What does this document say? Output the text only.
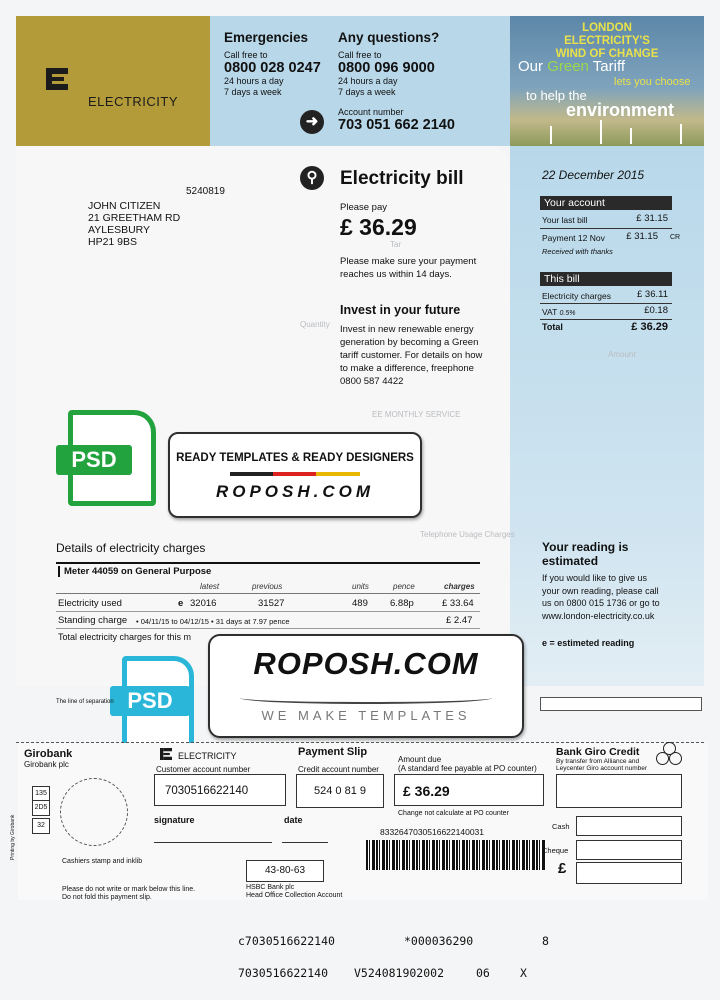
ELECTRICITY
Emergencies
Call free to
0800 028 0247
24 hours a day
7 days a week
Any questions?
Call free to
0800 096 9000
24 hours a day
7 days a week
➜
Account number
703 051 662 2140
LONDON
ELECTRICITY'S
WIND OF CHANGE
Our Green Tariff
lets you choose
to help the
environment
Tar
Quantity
Amount
EE MONTHLY SERVICE
Telephone Usage Charges
5240819
JOHN CITIZEN
21 GREETHAM RD
AYLESBURY
HP21 9BS
⚲	Electricity bill
Please pay
£ 36.29
Please make sure your payment
reaches us within 14 days.
Invest in your future
Invest in new renewable energy
generation by becoming a Green
tariff customer. For details on how
to make a difference, freephone
0800 587 4422
22 December 2015
Your account
Your last bill	£ 31.15
Payment 12 Nov	£ 31.15 CR
Received with thanks
This bill
Electricity charges	£ 36.11
VAT 0.5%	£0.18
Total	£ 36.29
Your reading is
estimated
If you would like to give us
your own reading, please call
us on 0800 015 1736 or go to
www.london-electricity.co.uk
e = estimeted reading
Details of electricity charges
Meter 44059 on General Purpose
latest	previous	units	pence	charges
Electricity used	e 32016	31527	489 6.88p	£ 33.64
Standing charge • 04/11/15 to 04/12/15 • 31 days at 7.97 pence	£ 2.47
Total electricity charges for this m
PSD	READY TEMPLATES & READY DESIGNERS
ROPOSH.COM
PSD
ROPOSH.COM
WE MAKE TEMPLATES
The line of separation
Girobank
Girobank plc
135
2D5
32
Cashiers stamp and inklib
Please do not write or mark below this line.
Do not fold this payment slip.
Printing by Girobank
ELECTRICITY
Customer account number
7030516622140
Payment Slip
Credit account number
524 0 81 9
Amount due
(A standard fee payable at PO counter)
£ 36.29
Change not calculate at PO counter
signature	date
8332647030516622140031
43-80-63
HSBC Bank plc
Head Office Collection Account
Bank Giro Credit
By transfer from Alliance and
Leycenter Giro account number
Cash
Cheque
£
c7030516622140	*000036290	8
7030516622140 V524081902002	06	X
